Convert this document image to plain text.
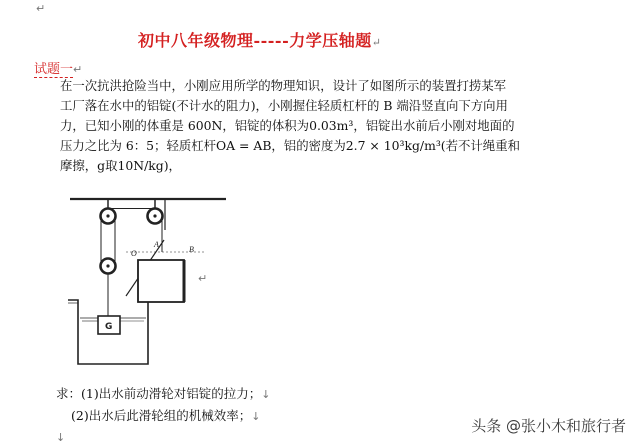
↵
初中八年级物理-----力学压轴题↵
试题一↵
在一次抗洪抢险当中，小刚应用所学的物理知识，设计了如图所示的装置打捞某军
工厂落在水中的铝锭(不计水的阻力)，小刚握住轻质杠杆的 B 端沿竖直向下方向用
力，已知小刚的体重是 600N，铝锭的体积为0.03m³，铝锭出水前后小刚对地面的
压力之比为 6：5；轻质杠杆OA = AB，铝的密度为2.7 × 10³kg/m³(若不计绳重和
摩擦，g取10N/kg)，
O
A
B
G
↵
求：(1)出水前动滑轮对铝锭的拉力；↓
(2)出水后此滑轮组的机械效率；↓
↓
头条 @张小木和旅行者
